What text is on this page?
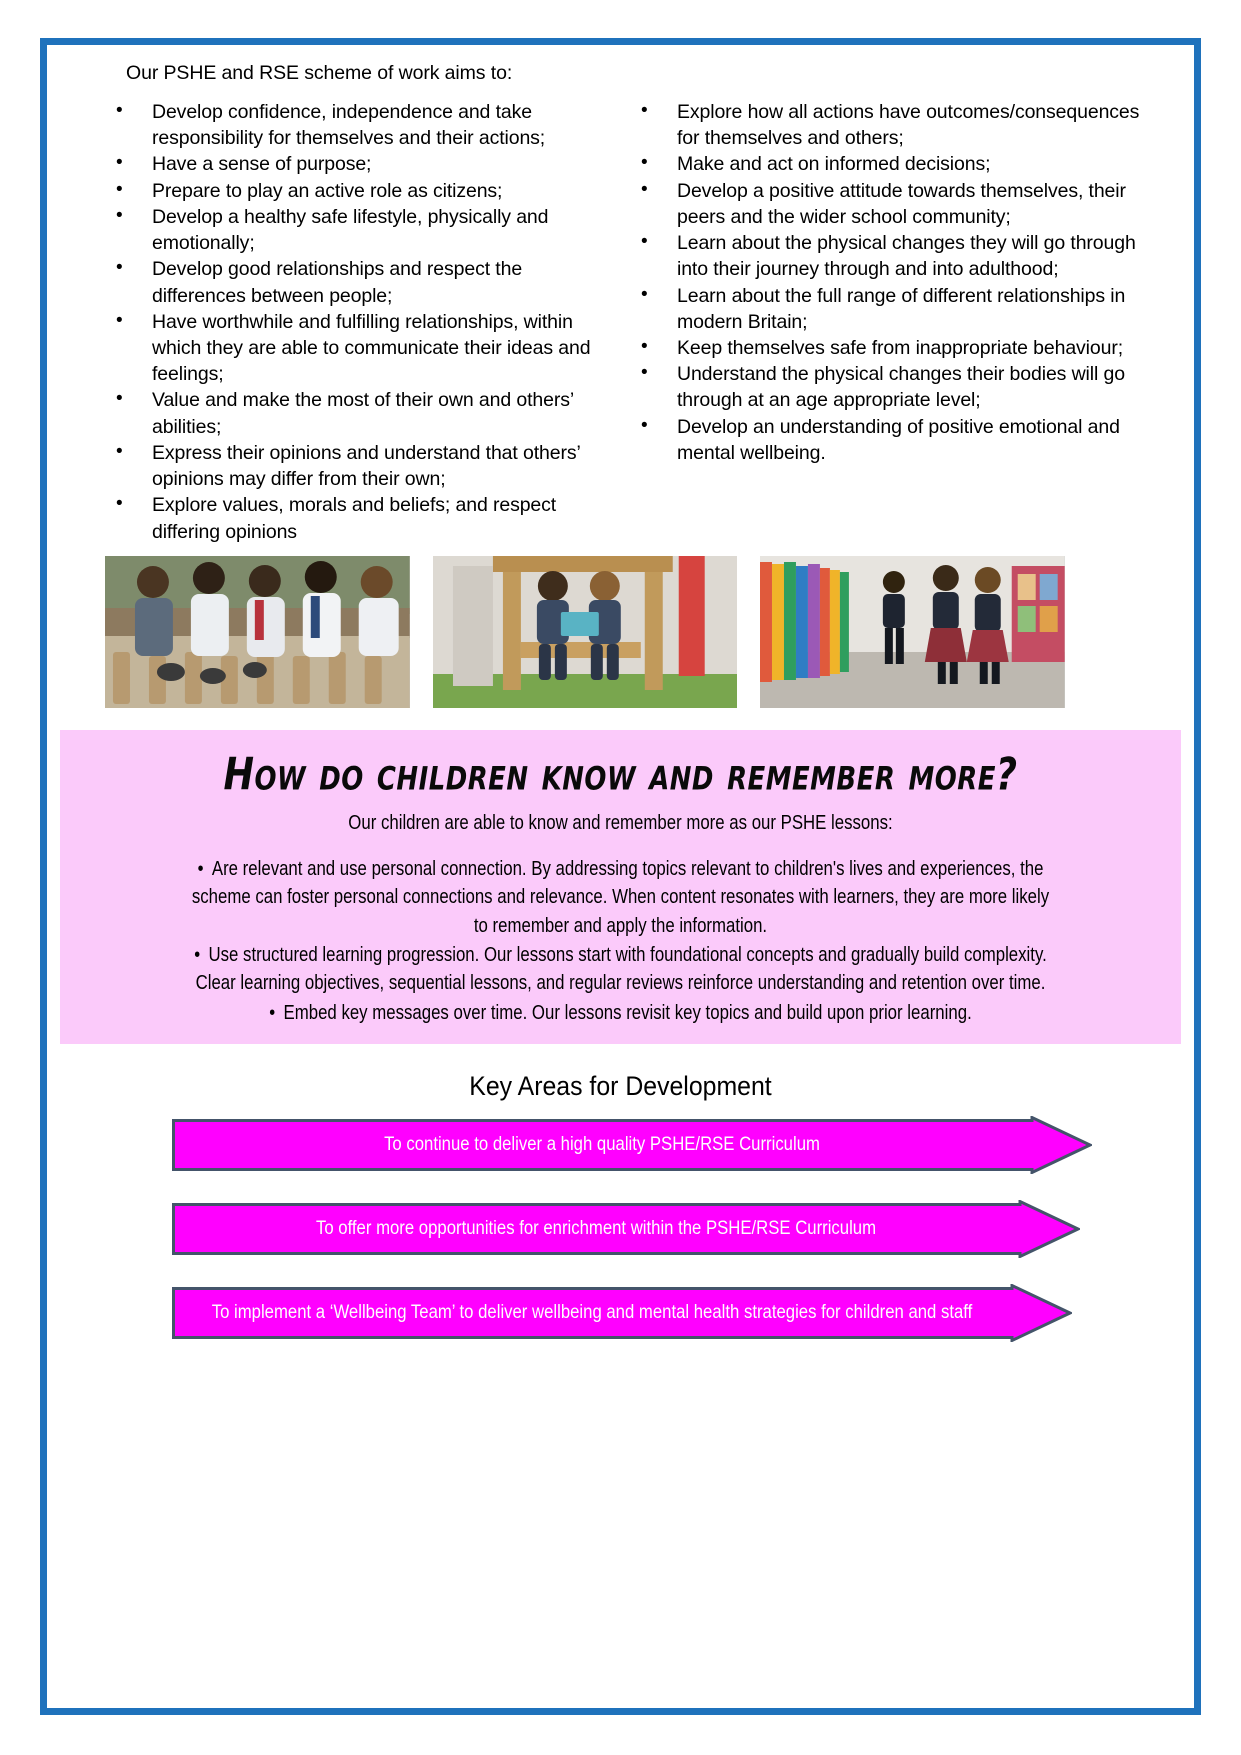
Our PSHE and RSE scheme of work aims to:
• Develop confidence, independence and take responsibility for themselves and their actions;
• Have a sense of purpose;
• Prepare to play an active role as citizens;
• Develop a healthy safe lifestyle, physically and emotionally;
• Develop good relationships and respect the differences between people;
• Have worthwhile and fulfilling relationships, within which they are able to communicate their ideas and feelings;
• Value and make the most of their own and others’ abilities;
• Express their opinions and understand that others’ opinions may differ from their own;
• Explore values, morals and beliefs; and respect differing opinions
• Explore how all actions have outcomes/consequences for themselves and others;
• Make and act on informed decisions;
• Develop a positive attitude towards themselves, their peers and the wider school community;
• Learn about the physical changes they will go through into their journey through and into adulthood;
• Learn about the full range of different relationships in modern Britain;
• Keep themselves safe from inappropriate behaviour;
• Understand the physical changes their bodies will go through at an age appropriate level;
• Develop an understanding of positive emotional and mental wellbeing.
How do children know and remember more?
Our children are able to know and remember more as our PSHE lessons:
• Are relevant and use personal connection. By addressing topics relevant to children's lives and experiences, the scheme can foster personal connections and relevance. When content resonates with learners, they are more likely to remember and apply the information.
• Use structured learning progression. Our lessons start with foundational concepts and gradually build complexity. Clear learning objectives, sequential lessons, and regular reviews reinforce understanding and retention over time.
• Embed key messages over time. Our lessons revisit key topics and build upon prior learning.
Key Areas for Development
To continue to deliver a high quality PSHE/RSE Curriculum
To offer more opportunities for enrichment within the PSHE/RSE Curriculum
To implement a ‘Wellbeing Team’ to deliver wellbeing and mental health strategies for children and staff
